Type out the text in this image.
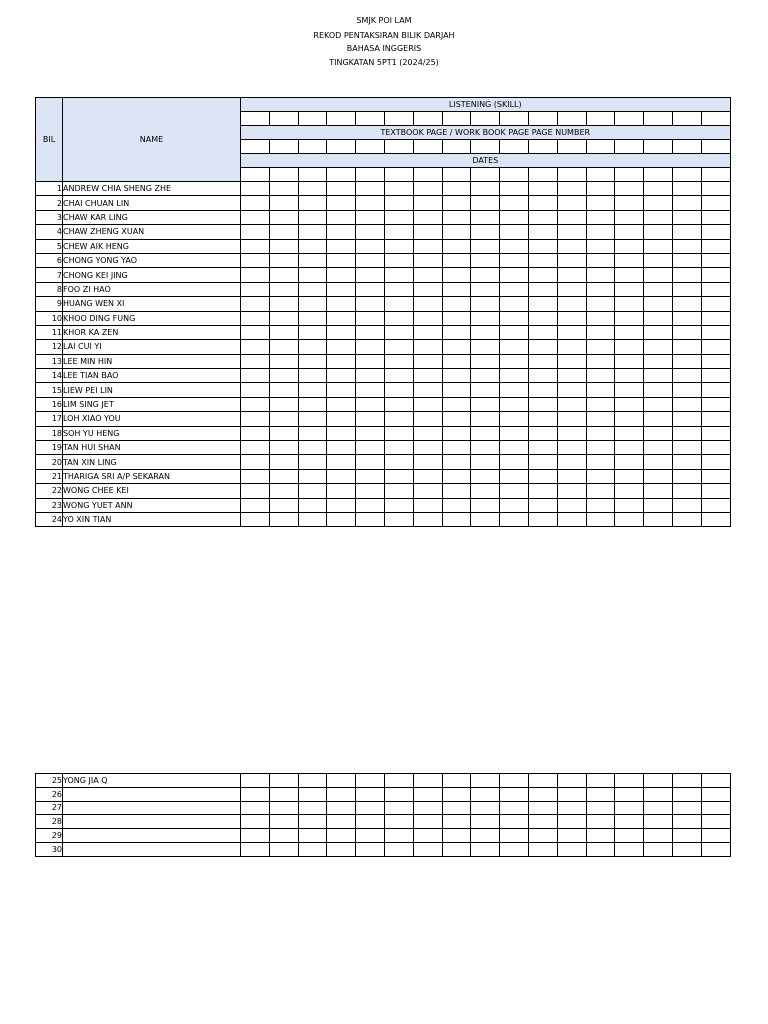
SMJK POI LAM
REKOD PENTAKSIRAN BILIK DARJAH
BAHASA INGGERIS
TINGKATAN 5PT1 (2024/25)
BIL	NAME	LISTENING (SKILL)																

		TEXTBOOK PAGE / WORK BOOK PAGE PAGE NUMBER																

		DATES																

1	ANDREW CHIA SHENG ZHE																	
2	CHAI CHUAN LIN																	
3	CHAW KAR LING																	
4	CHAW ZHENG XUAN																	
5	CHEW AIK HENG																	
6	CHONG YONG YAO																	
7	CHONG KEI JING																	
8	FOO ZI HAO																	
9	HUANG WEN XI																	
10	KHOO DING FUNG																	
11	KHOR KA ZEN																	
12	LAI CUI YI																	
13	LEE MIN HIN																	
14	LEE TIAN BAO																	
15	LIEW PEI LIN																	
16	LIM SING JET																	
17	LOH XIAO YOU																	
18	SOH YU HENG																	
19	TAN HUI SHAN																	
20	TAN XIN LING																	
21	THARIGA SRI A/P SEKARAN																	
22	WONG CHEE KEI																	
23	WONG YUET ANN																	
24	YO XIN TIAN																	
25	YONG JIA Q																	
26																		
27																		
28																		
29																		
30																		
